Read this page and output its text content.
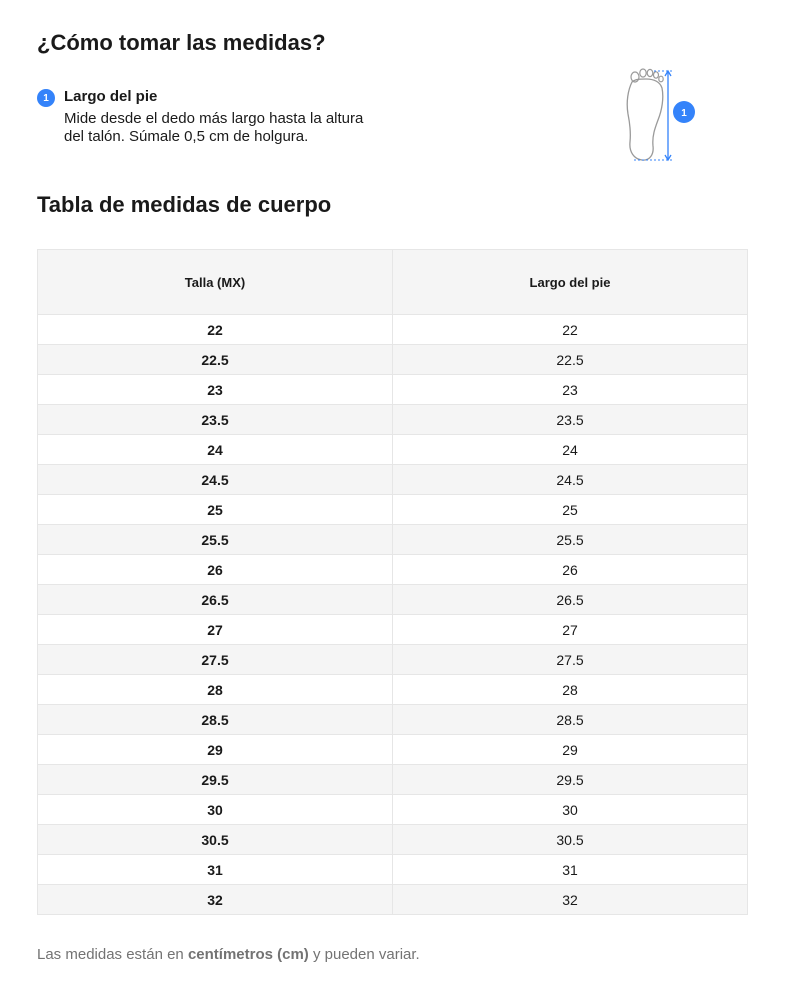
¿Cómo tomar las medidas?
1	Largo del pie
Mide desde el dedo más largo hasta la altura del talón. Súmale 0,5 cm de holgura.
1
Tabla de medidas de cuerpo
Talla (MX)	Largo del pie
22	22
22.5	22.5
23	23
23.5	23.5
24	24
24.5	24.5
25	25
25.5	25.5
26	26
26.5	26.5
27	27
27.5	27.5
28	28
28.5	28.5
29	29
29.5	29.5
30	30
30.5	30.5
31	31
32	32
Las medidas están en centímetros (cm) y pueden variar.
